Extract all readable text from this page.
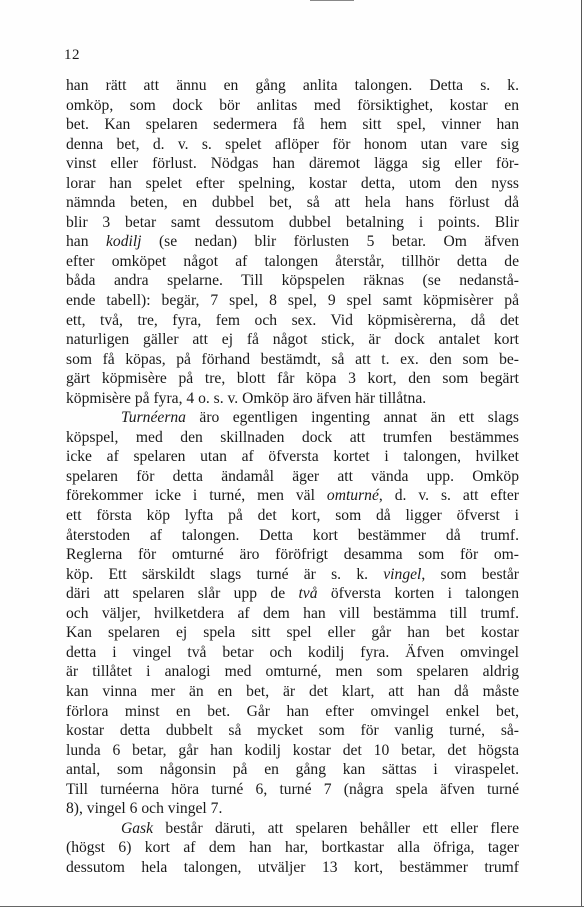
12
han rätt att ännu en gång anlita talongen. Detta s. k.
omköp, som dock bör anlitas med försiktighet, kostar en
bet. Kan spelaren sedermera få hem sitt spel, vinner han
denna bet, d. v. s. spelet aflöper för honom utan vare sig
vinst eller förlust. Nödgas han däremot lägga sig eller för-
lorar han spelet efter spelning, kostar detta, utom den nyss
nämnda beten, en dubbel bet, så att hela hans förlust då
blir 3 betar samt dessutom dubbel betalning i points. Blir
han kodilj (se nedan) blir förlusten 5 betar. Om äfven
efter omköpet något af talongen återstår, tillhör detta de
båda andra spelarne. Till köpspelen räknas (se nedanstå-
ende tabell): begär, 7 spel, 8 spel, 9 spel samt köpmisèrer på
ett, två, tre, fyra, fem och sex. Vid köpmisèrerna, då det
naturligen gäller att ej få något stick, är dock antalet kort
som få köpas, på förhand bestämdt, så att t. ex. den som be-
gärt köpmisère på tre, blott får köpa 3 kort, den som begärt
köpmisère på fyra, 4 o. s. v. Omköp äro äfven här tillåtna.
Turnéerna äro egentligen ingenting annat än ett slags
köpspel, med den skillnaden dock att trumfen bestämmes
icke af spelaren utan af öfversta kortet i talongen, hvilket
spelaren för detta ändamål äger att vända upp. Omköp
förekommer icke i turné, men väl omturné, d. v. s. att efter
ett första köp lyfta på det kort, som då ligger öfverst i
återstoden af talongen. Detta kort bestämmer då trumf.
Reglerna för omturné äro föröfrigt desamma som för om-
köp. Ett särskildt slags turné är s. k. vingel, som består
däri att spelaren slår upp de två öfversta korten i talongen
och väljer, hvilketdera af dem han vill bestämma till trumf.
Kan spelaren ej spela sitt spel eller går han bet kostar
detta i vingel två betar och kodilj fyra. Äfven omvingel
är tillåtet i analogi med omturné, men som spelaren aldrig
kan vinna mer än en bet, är det klart, att han då måste
förlora minst en bet. Går han efter omvingel enkel bet,
kostar detta dubbelt så mycket som för vanlig turné, så-
lunda 6 betar, går han kodilj kostar det 10 betar, det högsta
antal, som någonsin på en gång kan sättas i viraspelet.
Till turnéerna höra turné 6, turné 7 (några spela äfven turné
8), vingel 6 och vingel 7.
Gask består däruti, att spelaren behåller ett eller flere
(högst 6) kort af dem han har, bortkastar alla öfriga, tager
dessutom hela talongen, utväljer 13 kort, bestämmer trumf
